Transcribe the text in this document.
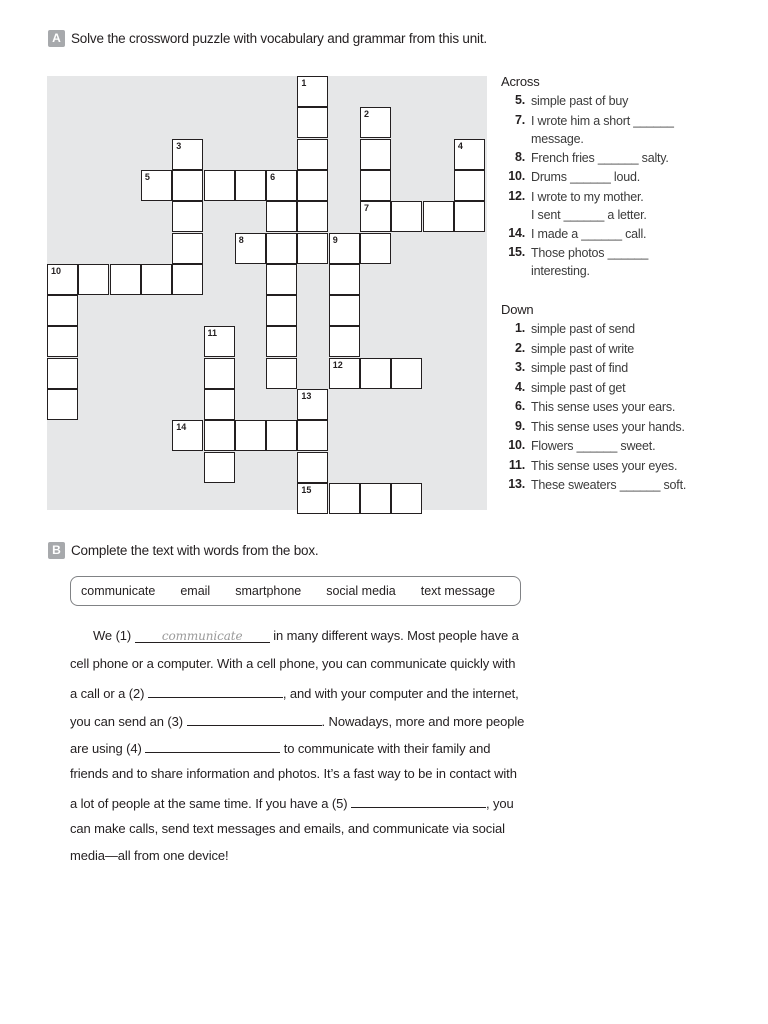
A Solve the crossword puzzle with vocabulary and grammar from this unit.
1
2
3	4
5	6
7
8	9
10
11
12
13
14
15
Across
5. simple past of buy
7. I wrote him a short ______
message.
8. French fries ______ salty.
10. Drums ______ loud.
12. I wrote to my mother.
I sent ______ a letter.
14. I made a ______ call.
15. Those photos ______
interesting.
Down
1. simple past of send
2. simple past of write
3. simple past of find
4. simple past of get
6. This sense uses your ears.
9. This sense uses your hands.
10. Flowers ______ sweet.
11. This sense uses your eyes.
13. These sweaters ______ soft.
B Complete the text with words from the box.
communicate email smartphone social media text message
We (1)	communicate in many different ways. Most people have a
cell phone or a computer. With a cell phone, you can communicate quickly with
a call or a (2)	, and with your computer and the internet,
you can send an (3)	. Nowadays, more and more people
are using (4)	to communicate with their family and
friends and to share information and photos. It’s a fast way to be in contact with
a lot of people at the same time. If you have a (5)	, you
can make calls, send text messages and emails, and communicate via social
media—all from one device!
